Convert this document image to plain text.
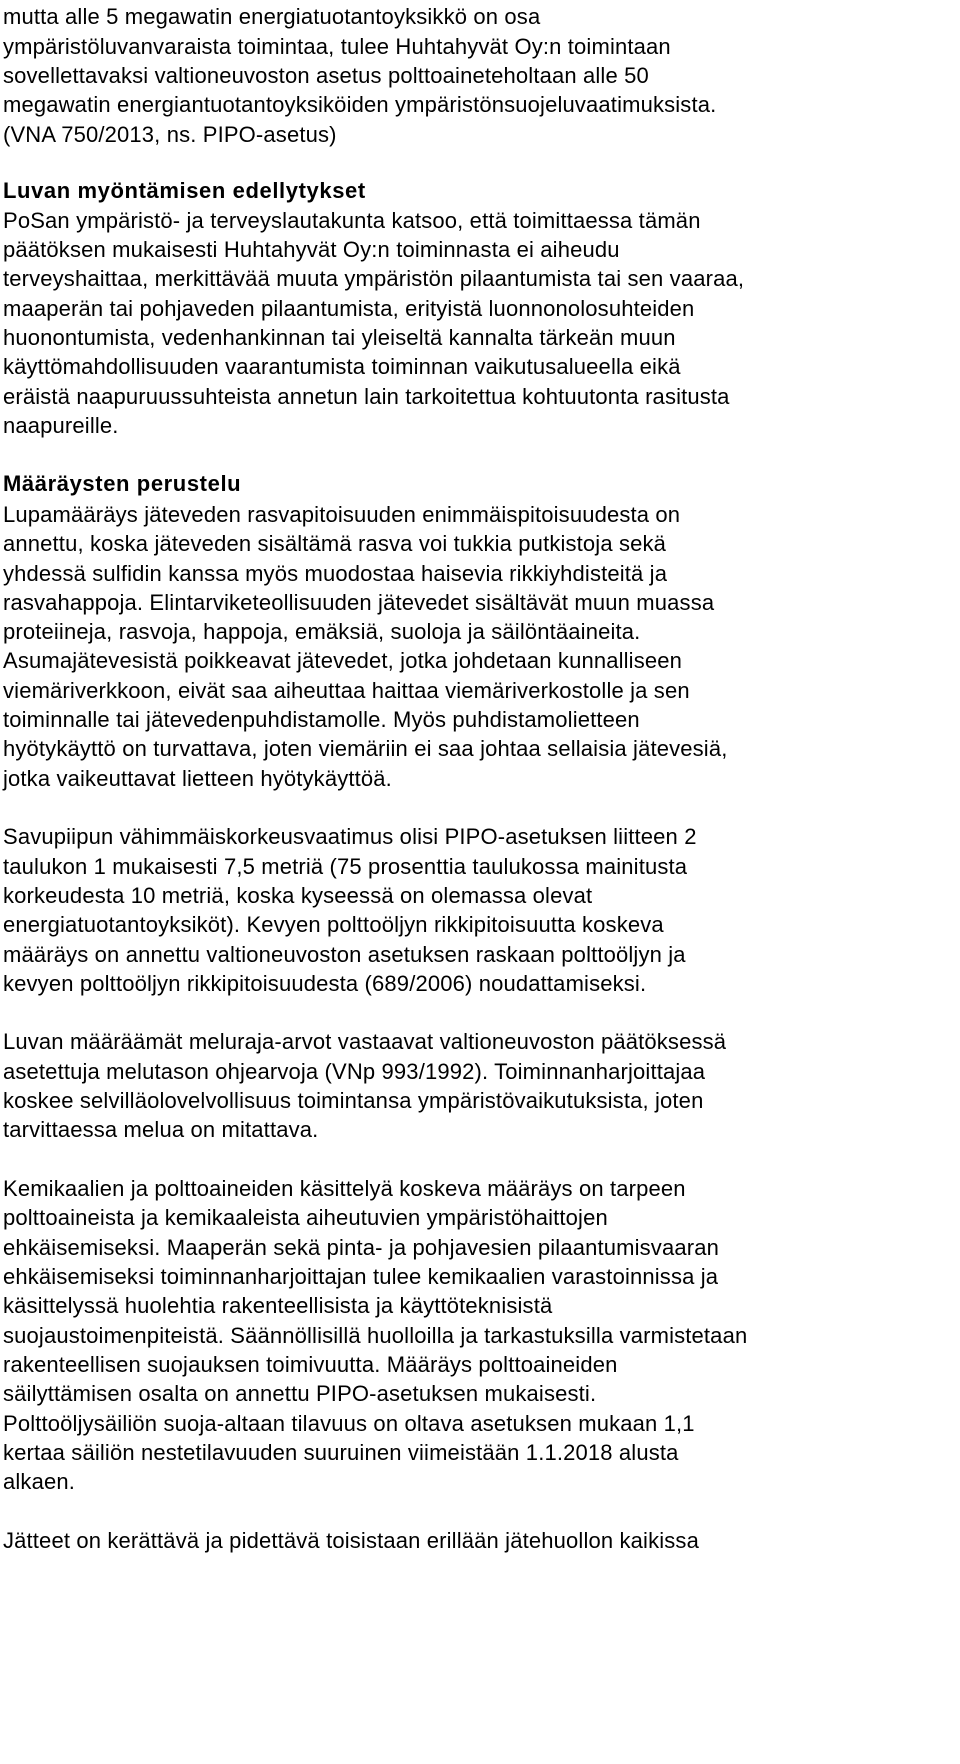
mutta alle 5 megawatin energiatuotantoyksikkö on osa
ympäristöluvanvaraista toimintaa, tulee Huhtahyvät Oy:n toimintaan
sovellettavaksi valtioneuvoston asetus polttoaineteholtaan alle 50
megawatin energiantuotantoyksiköiden ympäristönsuojeluvaatimuksista.
(VNA 750/2013, ns. PIPO-asetus)
Luvan myöntämisen edellytykset
PoSan ympäristö- ja terveyslautakunta katsoo, että toimittaessa tämän
päätöksen mukaisesti Huhtahyvät Oy:n toiminnasta ei aiheudu
terveyshaittaa, merkittävää muuta ympäristön pilaantumista tai sen vaaraa,
maaperän tai pohjaveden pilaantumista, erityistä luonnonolosuhteiden
huonontumista, vedenhankinnan tai yleiseltä kannalta tärkeän muun
käyttömahdollisuuden vaarantumista toiminnan vaikutusalueella eikä
eräistä naapuruussuhteista annetun lain tarkoitettua kohtuutonta rasitusta
naapureille.
Määräysten perustelu
Lupamääräys jäteveden rasvapitoisuuden enimmäispitoisuudesta on
annettu, koska jäteveden sisältämä rasva voi tukkia putkistoja sekä
yhdessä sulfidin kanssa myös muodostaa haisevia rikkiyhdisteitä ja
rasvahappoja. Elintarviketeollisuuden jätevedet sisältävät muun muassa
proteiineja, rasvoja, happoja, emäksiä, suoloja ja säilöntäaineita.
Asumajätevesistä poikkeavat jätevedet, jotka johdetaan kunnalliseen
viemäriverkkoon, eivät saa aiheuttaa haittaa viemäriverkostolle ja sen
toiminnalle tai jätevedenpuhdistamolle. Myös puhdistamolietteen
hyötykäyttö on turvattava, joten viemäriin ei saa johtaa sellaisia jätevesiä,
jotka vaikeuttavat lietteen hyötykäyttöä.
Savupiipun vähimmäiskorkeusvaatimus olisi PIPO-asetuksen liitteen 2
taulukon 1 mukaisesti 7,5 metriä (75 prosenttia taulukossa mainitusta
korkeudesta 10 metriä, koska kyseessä on olemassa olevat
energiatuotantoyksiköt). Kevyen polttoöljyn rikkipitoisuutta koskeva
määräys on annettu valtioneuvoston asetuksen raskaan polttoöljyn ja
kevyen polttoöljyn rikkipitoisuudesta (689/2006) noudattamiseksi.
Luvan määräämät meluraja-arvot vastaavat valtioneuvoston päätöksessä
asetettuja melutason ohjearvoja (VNp 993/1992). Toiminnanharjoittajaa
koskee selvilläolovelvollisuus toimintansa ympäristövaikutuksista, joten
tarvittaessa melua on mitattava.
Kemikaalien ja polttoaineiden käsittelyä koskeva määräys on tarpeen
polttoaineista ja kemikaaleista aiheutuvien ympäristöhaittojen
ehkäisemiseksi. Maaperän sekä pinta- ja pohjavesien pilaantumisvaaran
ehkäisemiseksi toiminnanharjoittajan tulee kemikaalien varastoinnissa ja
käsittelyssä huolehtia rakenteellisista ja käyttöteknisistä
suojaustoimenpiteistä. Säännöllisillä huolloilla ja tarkastuksilla varmistetaan
rakenteellisen suojauksen toimivuutta. Määräys polttoaineiden
säilyttämisen osalta on annettu PIPO-asetuksen mukaisesti.
Polttoöljysäiliön suoja-altaan tilavuus on oltava asetuksen mukaan 1,1
kertaa säiliön nestetilavuuden suuruinen viimeistään 1.1.2018 alusta
alkaen.
Jätteet on kerättävä ja pidettävä toisistaan erillään jätehuollon kaikissa
